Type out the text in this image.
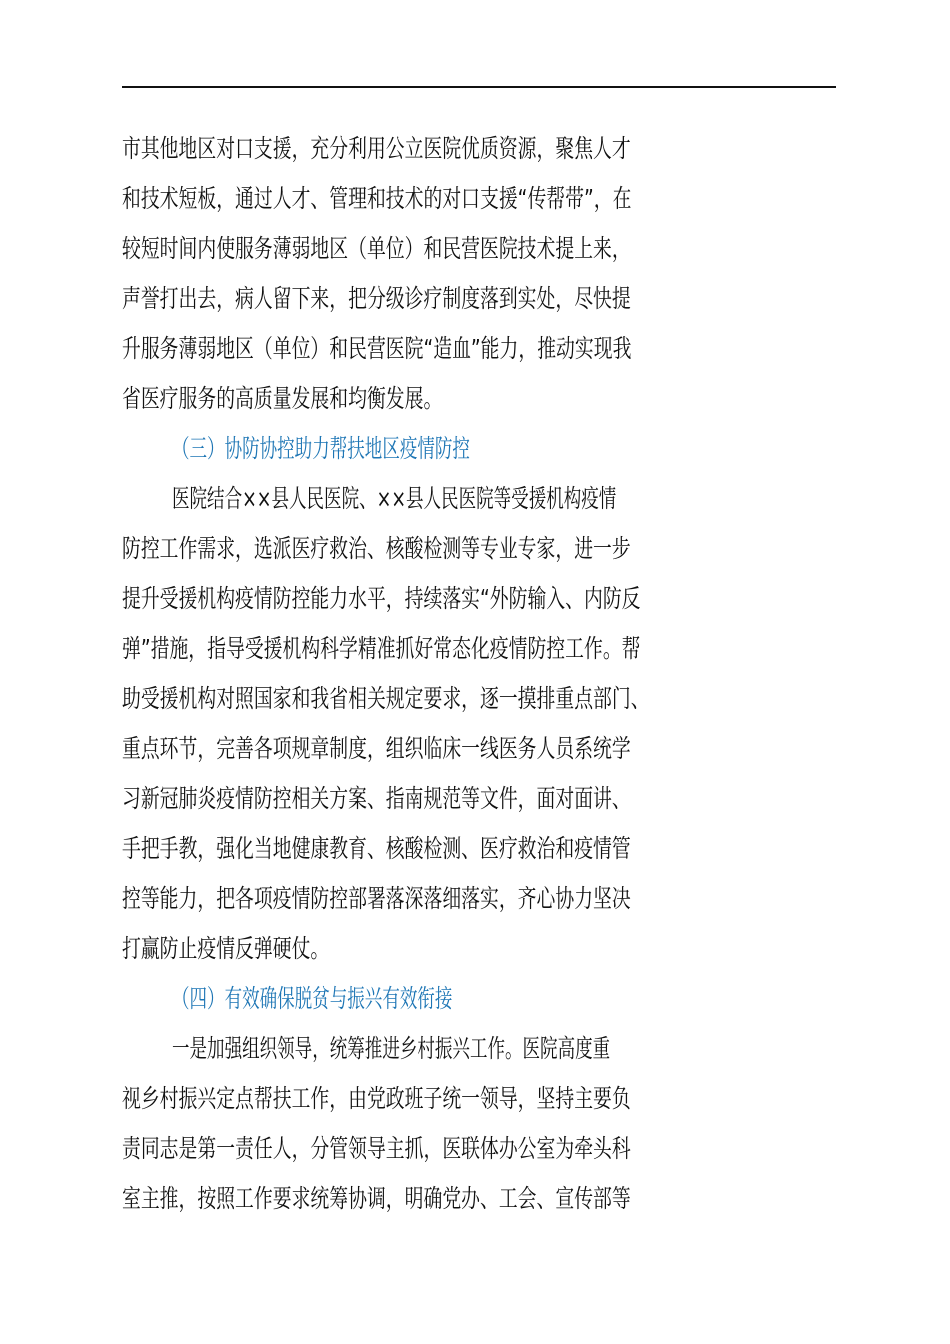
市其他地区对口支援，充分利用公立医院优质资源，聚焦人才
和技术短板，通过人才、管理和技术的对口支援“传帮带”，在
较短时间内使服务薄弱地区（单位）和民营医院技术提上来，
声誉打出去，病人留下来，把分级诊疗制度落到实处，尽快提
升服务薄弱地区（单位）和民营医院“造血”能力，推动实现我
省医疗服务的高质量发展和均衡发展。
（三）协防协控助力帮扶地区疫情防控
医院结合××县人民医院、××县人民医院等受援机构疫情
防控工作需求，选派医疗救治、核酸检测等专业专家，进一步
提升受援机构疫情防控能力水平，持续落实“外防输入、内防反
弹”措施，指导受援机构科学精准抓好常态化疫情防控工作。帮
助受援机构对照国家和我省相关规定要求，逐一摸排重点部门、
重点环节，完善各项规章制度，组织临床一线医务人员系统学
习新冠肺炎疫情防控相关方案、指南规范等文件，面对面讲、
手把手教，强化当地健康教育、核酸检测、医疗救治和疫情管
控等能力，把各项疫情防控部署落深落细落实，齐心协力坚决
打赢防止疫情反弹硬仗。
（四）有效确保脱贫与振兴有效衔接
一是加强组织领导，统筹推进乡村振兴工作。医院高度重
视乡村振兴定点帮扶工作，由党政班子统一领导，坚持主要负
责同志是第一责任人，分管领导主抓，医联体办公室为牵头科
室主推，按照工作要求统筹协调，明确党办、工会、宣传部等
